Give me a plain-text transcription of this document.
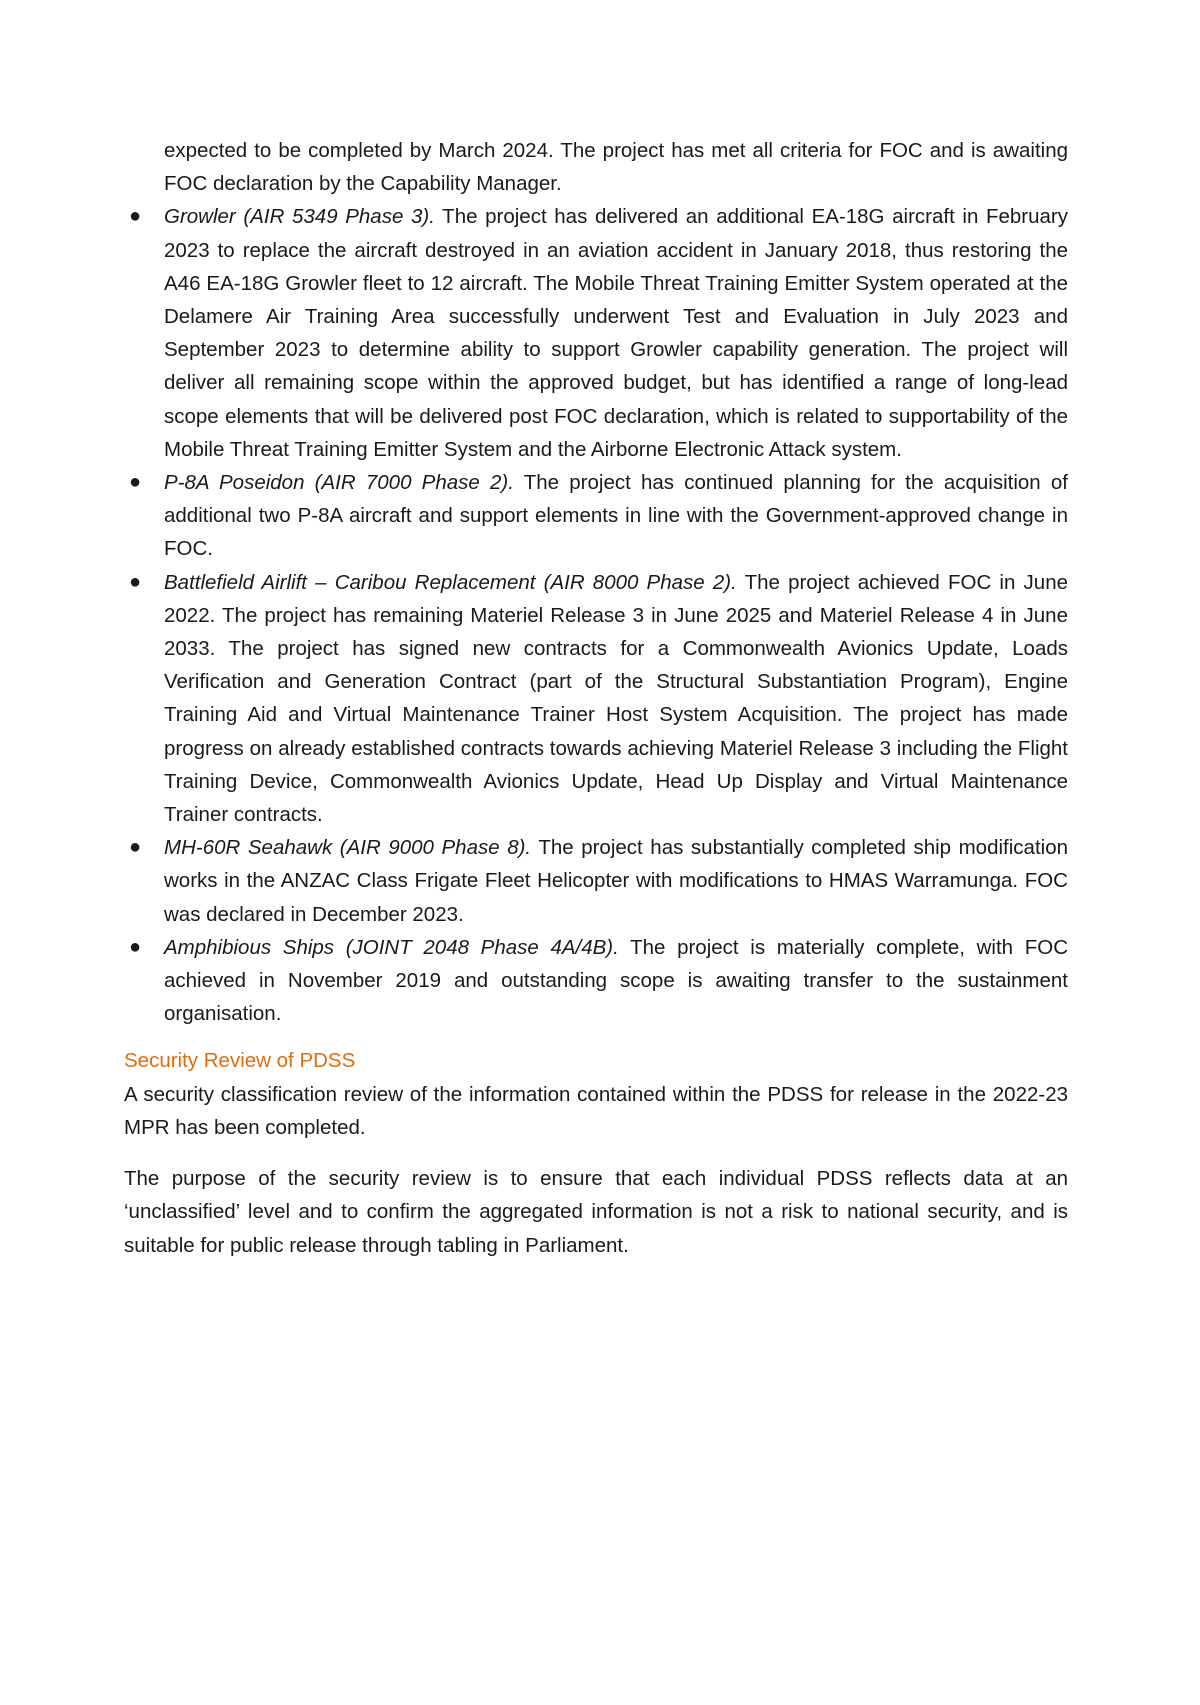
expected to be completed by March 2024. The project has met all criteria for FOC and is awaiting FOC declaration by the Capability Manager.

● Growler (AIR 5349 Phase 3). The project has delivered an additional EA-18G aircraft in February 2023 to replace the aircraft destroyed in an aviation accident in January 2018, thus restoring the A46 EA-18G Growler fleet to 12 aircraft. The Mobile Threat Training Emitter System operated at the Delamere Air Training Area successfully underwent Test and Evaluation in July 2023 and September 2023 to determine ability to support Growler capability generation. The project will deliver all remaining scope within the approved budget, but has identified a range of long-lead scope elements that will be delivered post FOC declaration, which is related to supportability of the Mobile Threat Training Emitter System and the Airborne Electronic Attack system.
● P-8A Poseidon (AIR 7000 Phase 2). The project has continued planning for the acquisition of additional two P-8A aircraft and support elements in line with the Government-approved change in FOC.
● Battlefield Airlift – Caribou Replacement (AIR 8000 Phase 2). The project achieved FOC in June 2022. The project has remaining Materiel Release 3 in June 2025 and Materiel Release 4 in June 2033. The project has signed new contracts for a Commonwealth Avionics Update, Loads Verification and Generation Contract (part of the Structural Substantiation Program), Engine Training Aid and Virtual Maintenance Trainer Host System Acquisition. The project has made progress on already established contracts towards achieving Materiel Release 3 including the Flight Training Device, Commonwealth Avionics Update, Head Up Display and Virtual Maintenance Trainer contracts.
● MH-60R Seahawk (AIR 9000 Phase 8). The project has substantially completed ship modification works in the ANZAC Class Frigate Fleet Helicopter with modifications to HMAS Warramunga. FOC was declared in December 2023.
● Amphibious Ships (JOINT 2048 Phase 4A/4B). The project is materially complete, with FOC achieved in November 2019 and outstanding scope is awaiting transfer to the sustainment organisation.
Security Review of PDSS

A security classification review of the information contained within the PDSS for release in the 2022-23 MPR has been completed.

The purpose of the security review is to ensure that each individual PDSS reflects data at an ‘unclassified’ level and to confirm the aggregated information is not a risk to national security, and is suitable for public release through tabling in Parliament.
